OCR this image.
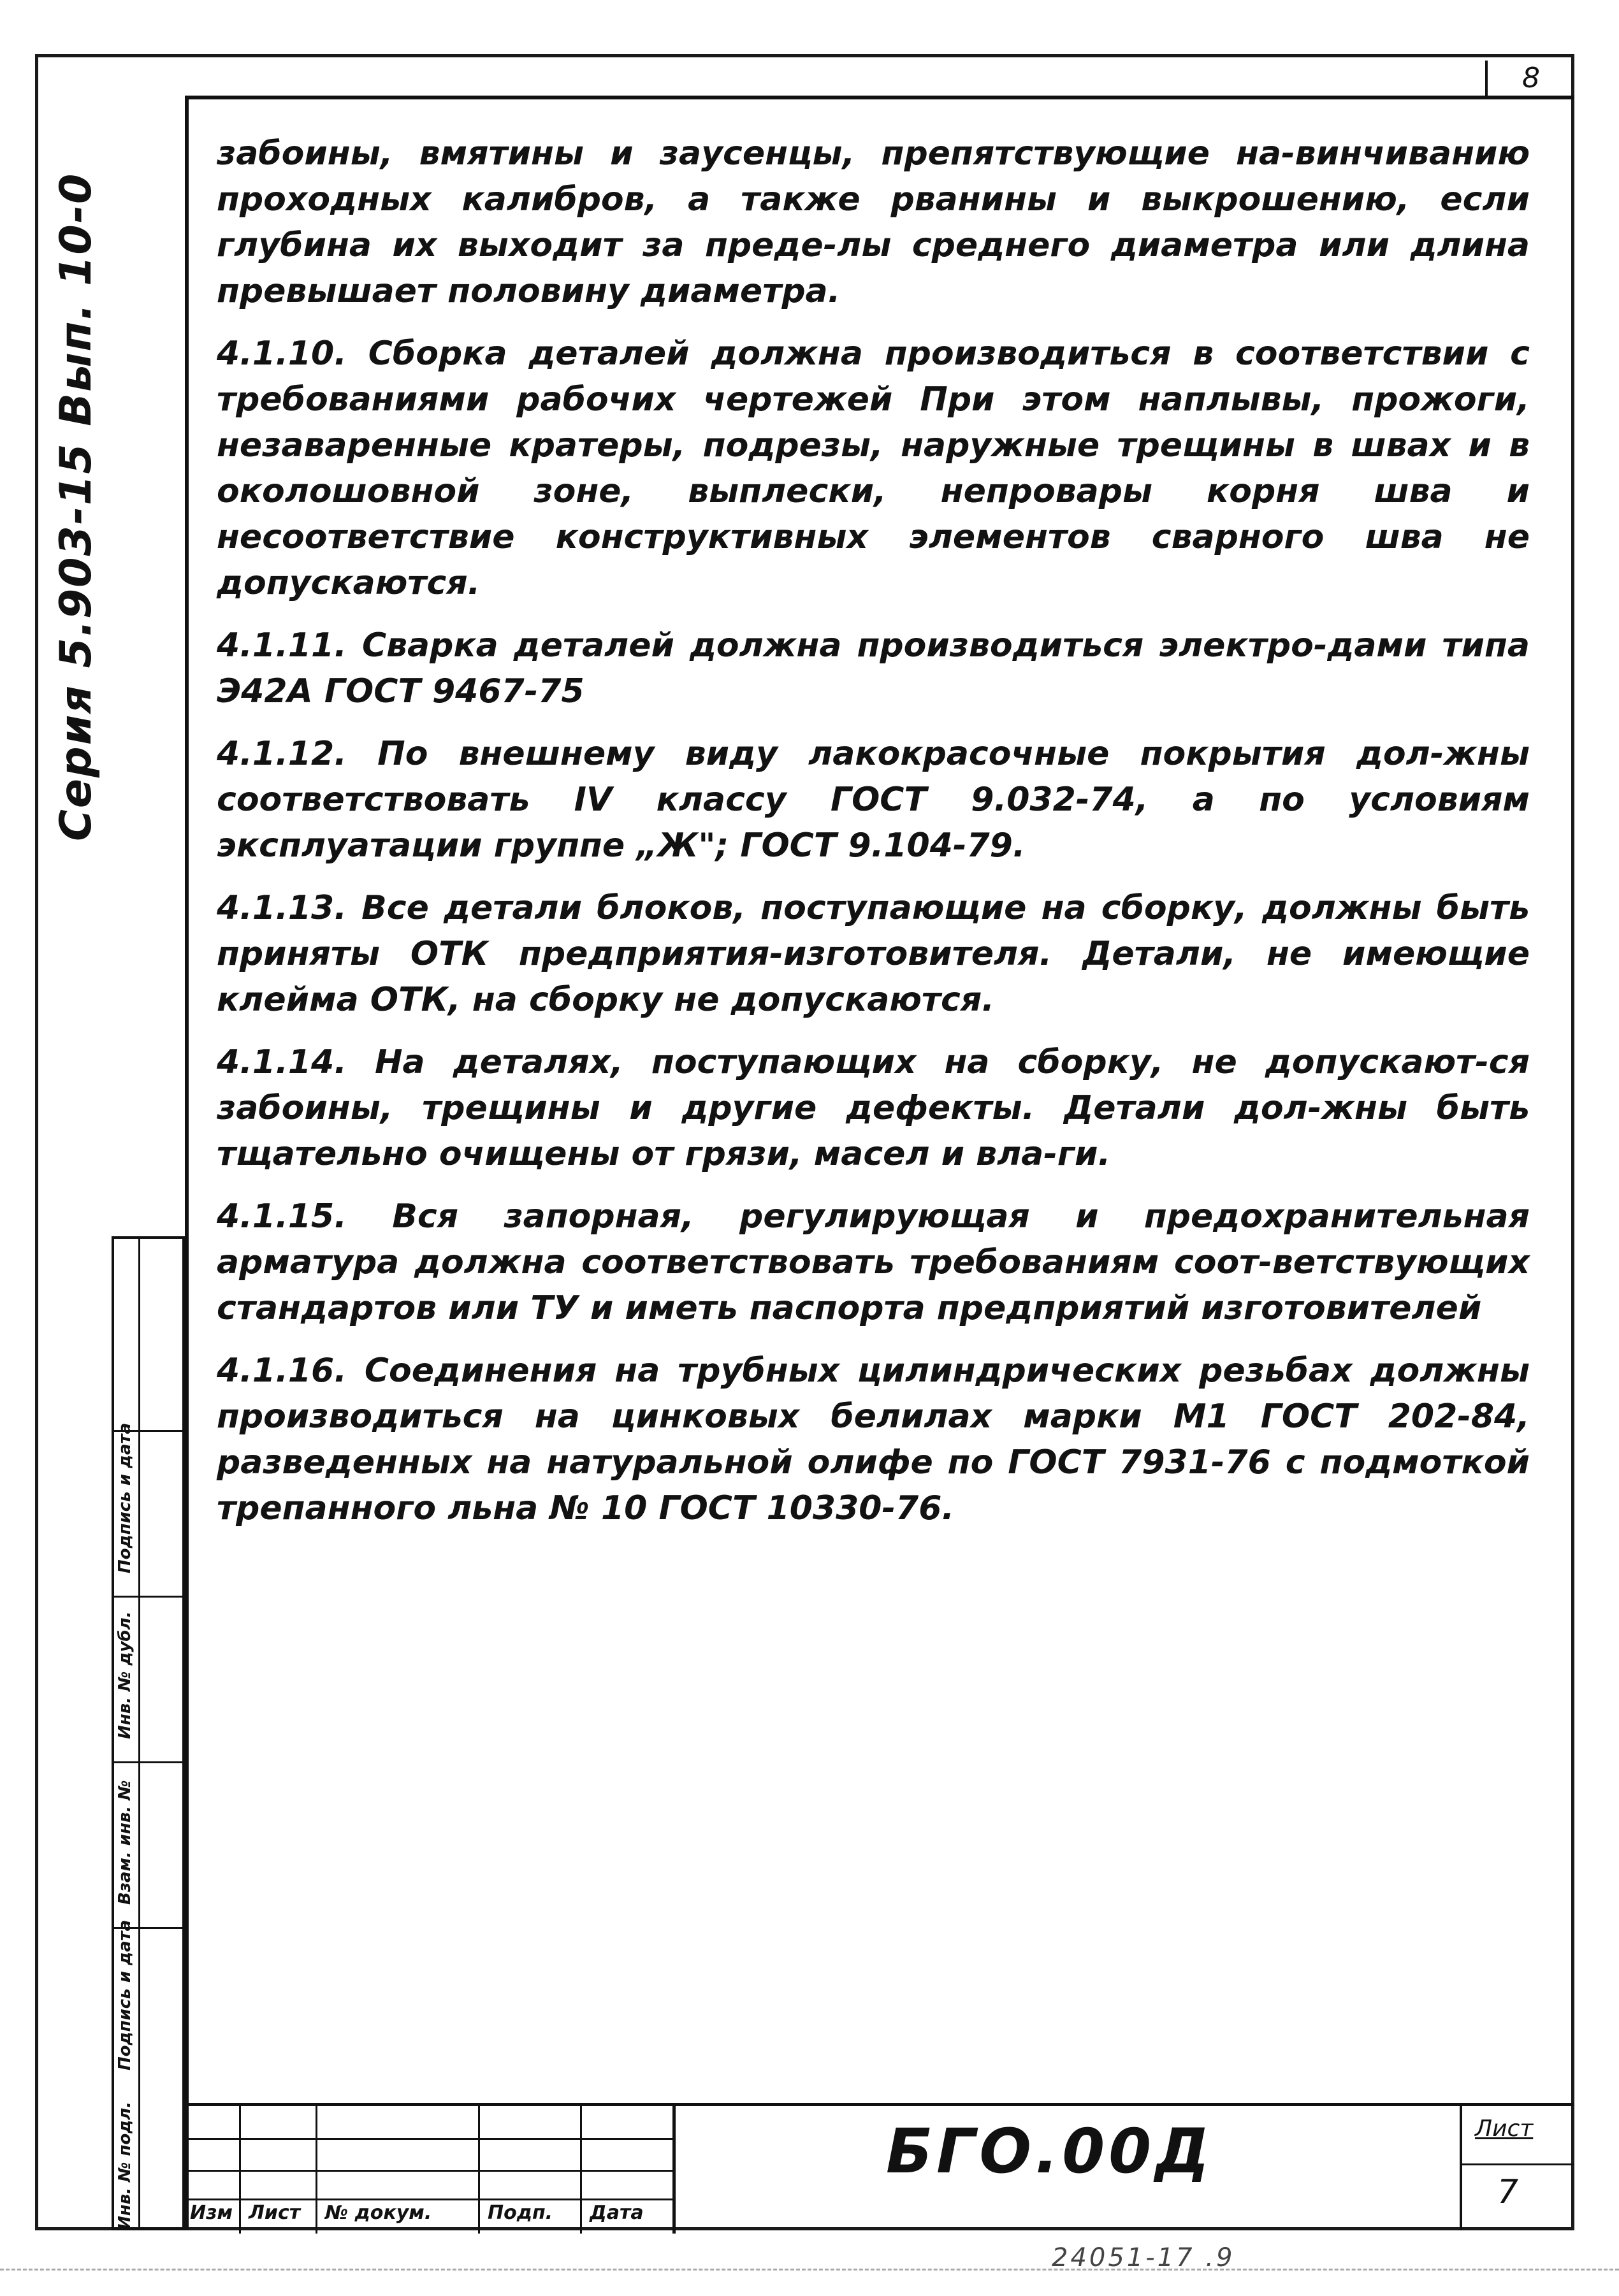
8
Серия 5.903-15 Вып. 10-0

забоины, вмятины и заусенцы, препятствующие на-винчиванию проходных калибров, а также рванины и выкрошению, если глубина их выходит за преде-лы среднего диаметра или длина превышает половину диаметра.

4.1.10. Сборка деталей должна производиться в соответствии с требованиями рабочих чертежей При этом наплывы, прожоги, незаваренные кратеры, подрезы, наружные трещины в швах и в околошовной зоне, выплески, непровары корня шва и несоответствие конструктивных элементов сварного шва не допускаются.

4.1.11. Сварка деталей должна производиться электро-дами типа Э42А ГОСТ 9467-75

4.1.12. По внешнему виду лакокрасочные покрытия дол-жны соответствовать IV классу ГОСТ 9.032-74, а по условиям эксплуатации группе „Ж"; ГОСТ 9.104-79.

4.1.13. Все детали блоков, поступающие на сборку, должны быть приняты ОТК предприятия-изготовителя. Детали, не имеющие клейма ОТК, на сборку не допускаются.

4.1.14. На деталях, поступающих на сборку, не допускают-ся забоины, трещины и другие дефекты. Детали дол-жны быть тщательно очищены от грязи, масел и вла-ги.

4.1.15. Вся запорная, регулирующая и предохранительная арматура должна соответствовать требованиям соот-ветствующих стандартов или ТУ и иметь паспорта предприятий изготовителей

4.1.16. Соединения на трубных цилиндрических резьбах должны производиться на цинковых белилах марки М1 ГОСТ 202-84, разведенных на натуральной олифе по ГОСТ 7931-76 с подмоткой трепанного льна № 10 ГОСТ 10330-76.

Инв. № подл.
Подпись и дата
Взам. инв. №
Инв. № дубл.
Подпись и дата
Изм Лист № докум.	Подп. Дата
БГО.00Д	Лист
7
24051-17 .9
